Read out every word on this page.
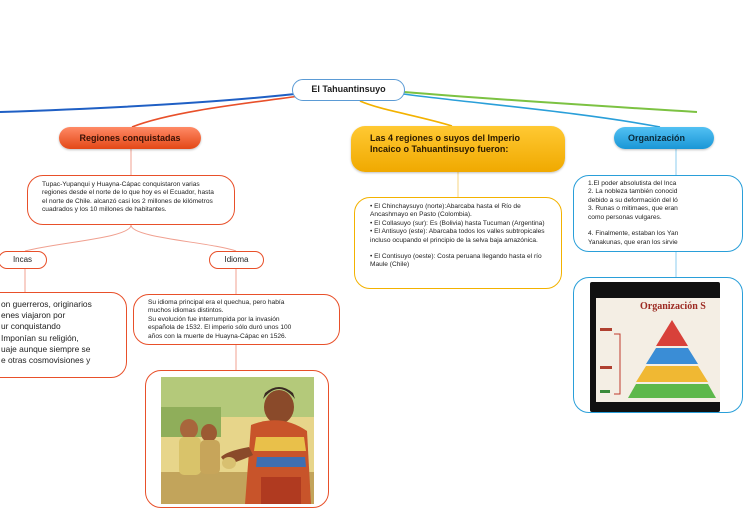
El Tahuantinsuyo
Regiones conquistadas	Las 4 regiones o suyos del Imperio Incaico o Tahuantinsuyo fueron:
Organización
Tupac-Yupanqui y Huayna-Cápac conquistaron varias regiones desde el norte de lo que hoy es el Ecuador, hasta el norte de Chile. alcanzó casi los 2 millones de kilómetros cuadrados y los 10 millones de habitantes.
Incas
on guerreros, originarios
enes viajaron por
ur conquistando
Imponían su religión,
uaje aunque siempre se
e otras cosmovisiones y
Idioma
Su idioma principal era el quechua, pero había
muchos idiomas distintos.
Su evolución fue interrumpida por la invasión
española de 1532. El imperio sólo duró unos 100
años con la muerte de Huayna-Cápac en 1526.
• El Chinchaysuyo (norte):Abarcaba hasta el Río de Ancashmayo en Pasto (Colombia).
• El Collasuyo (sur): Es (Bolivia) hasta Tucuman (Argentina)
• El Antisuyo (este): Abarcaba todos los valles subtropicales incluso ocupando el principio de la selva baja amazónica.
• El Contisuyo (oeste): Costa peruana llegando hasta el río Maule (Chile)
1.El poder absolutista del Inca
2. La nobleza también conocid
debido a su deformación del ló
3. Runas o mitimaes, que eran
como personas vulgares.
4. Finalmente, estaban los Yan
Yanakunas, que eran los sirvie
Organización S
